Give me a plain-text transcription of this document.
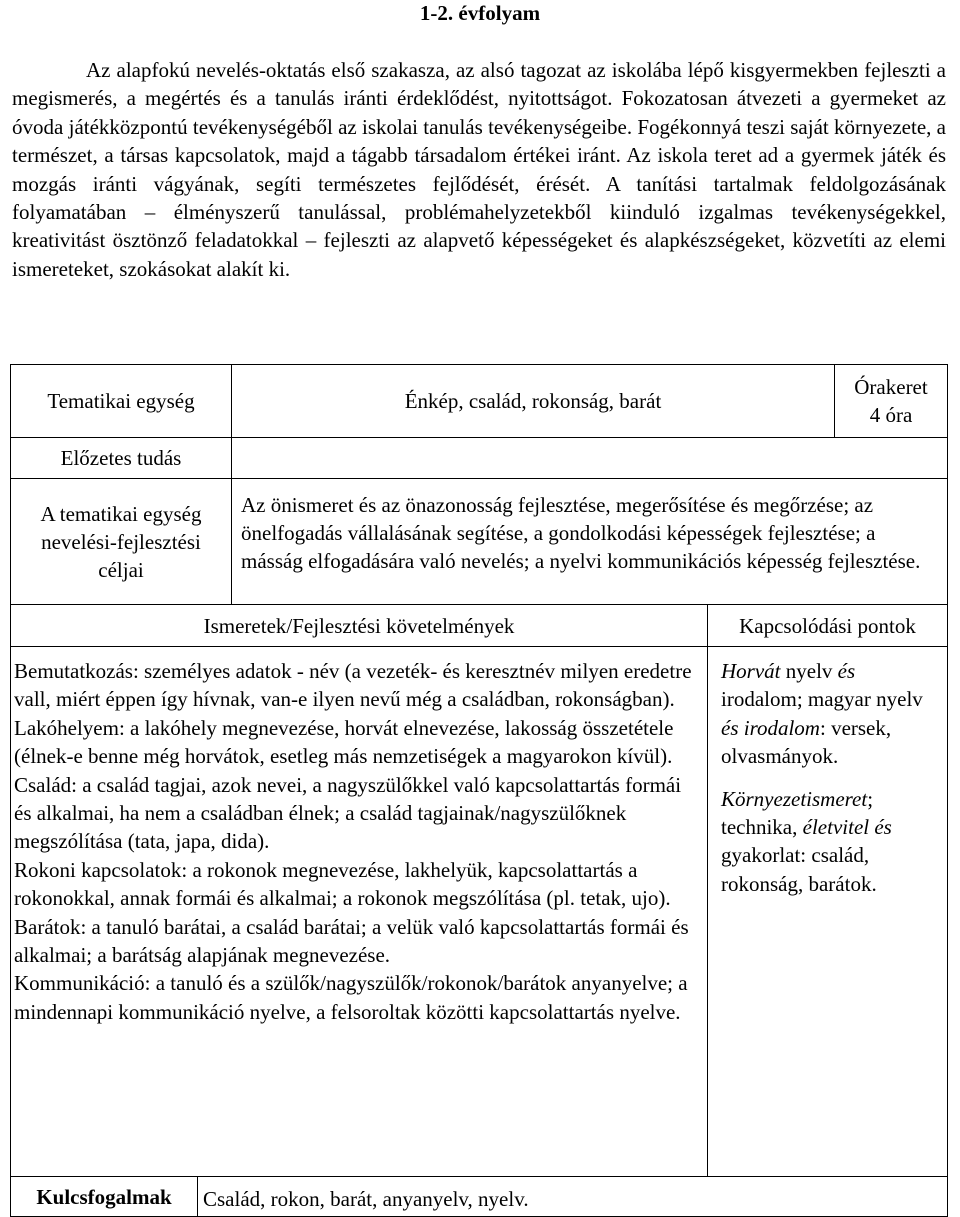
1-2. évfolyam
Az alapfokú nevelés-oktatás első szakasza, az alsó tagozat az iskolába lépő kisgyermekben fejleszti a megismerés, a megértés és a tanulás iránti érdeklődést, nyitottságot. Fokozatosan átvezeti a gyermeket az óvoda játékközpontú tevékenységéből az iskolai tanulás tevékenységeibe. Fogékonnyá teszi saját környezete, a természet, a társas kapcsolatok, majd a tágabb társadalom értékei iránt. Az iskola teret ad a gyermek játék és mozgás iránti vágyának, segíti természetes fejlődését, érését. A tanítási tartalmak feldolgozásának folyamatában – élményszerű tanulással, problémahelyzetekből kiinduló izgalmas tevékenységekkel, kreativitást ösztönző feladatokkal – fejleszti az alapvető képességeket és alapkészségeket, közvetíti az elemi ismereteket, szokásokat alakít ki.
Tematikai egység	Énkép, család, rokonság, barát
Órakeret
4 óra
Előzetes tudás
A tematikai egység nevelési-fejlesztési céljai
Az önismeret és az önazonosság fejlesztése, megerősítése és megőrzése; az önelfogadás vállalásának segítése, a gondolkodási képességek fejlesztése; a másság elfogadására való nevelés; a nyelvi kommunikációs képesség fejlesztése.
Ismeretek/Fejlesztési követelmények	Kapcsolódási pontok
Bemutatkozás: személyes adatok - név (a vezeték- és keresztnév milyen eredetre vall, miért éppen így hívnak, van-e ilyen nevű még a családban, rokonságban).
Lakóhelyem: a lakóhely megnevezése, horvát elnevezése, lakosság összetétele (élnek-e benne még horvátok, esetleg más nemzetiségek a magyarokon kívül).
Család: a család tagjai, azok nevei, a nagyszülőkkel való kapcsolattartás formái és alkalmai, ha nem a családban élnek; a család tagjainak/nagyszülőknek megszólítása (tata, japa, dida).
Rokoni kapcsolatok: a rokonok megnevezése, lakhelyük, kapcsolattartás a rokonokkal, annak formái és alkalmai; a rokonok megszólítása (pl. tetak, ujo).
Barátok: a tanuló barátai, a család barátai; a velük való kapcsolattartás formái és alkalmai; a barátság alapjának megnevezése.
Kommunikáció: a tanuló és a szülők/nagyszülők/rokonok/barátok anyanyelve; a mindennapi kommunikáció nyelve, a felsoroltak közötti kapcsolattartás nyelve.
Horvát nyelv és irodalom; magyar nyelv és irodalom: versek, olvasmányok.
Környezetismeret; technika, életvitel és gyakorlat: család, rokonság, barátok.
Kulcsfogalmak Család, rokon, barát, anyanyelv, nyelv.
